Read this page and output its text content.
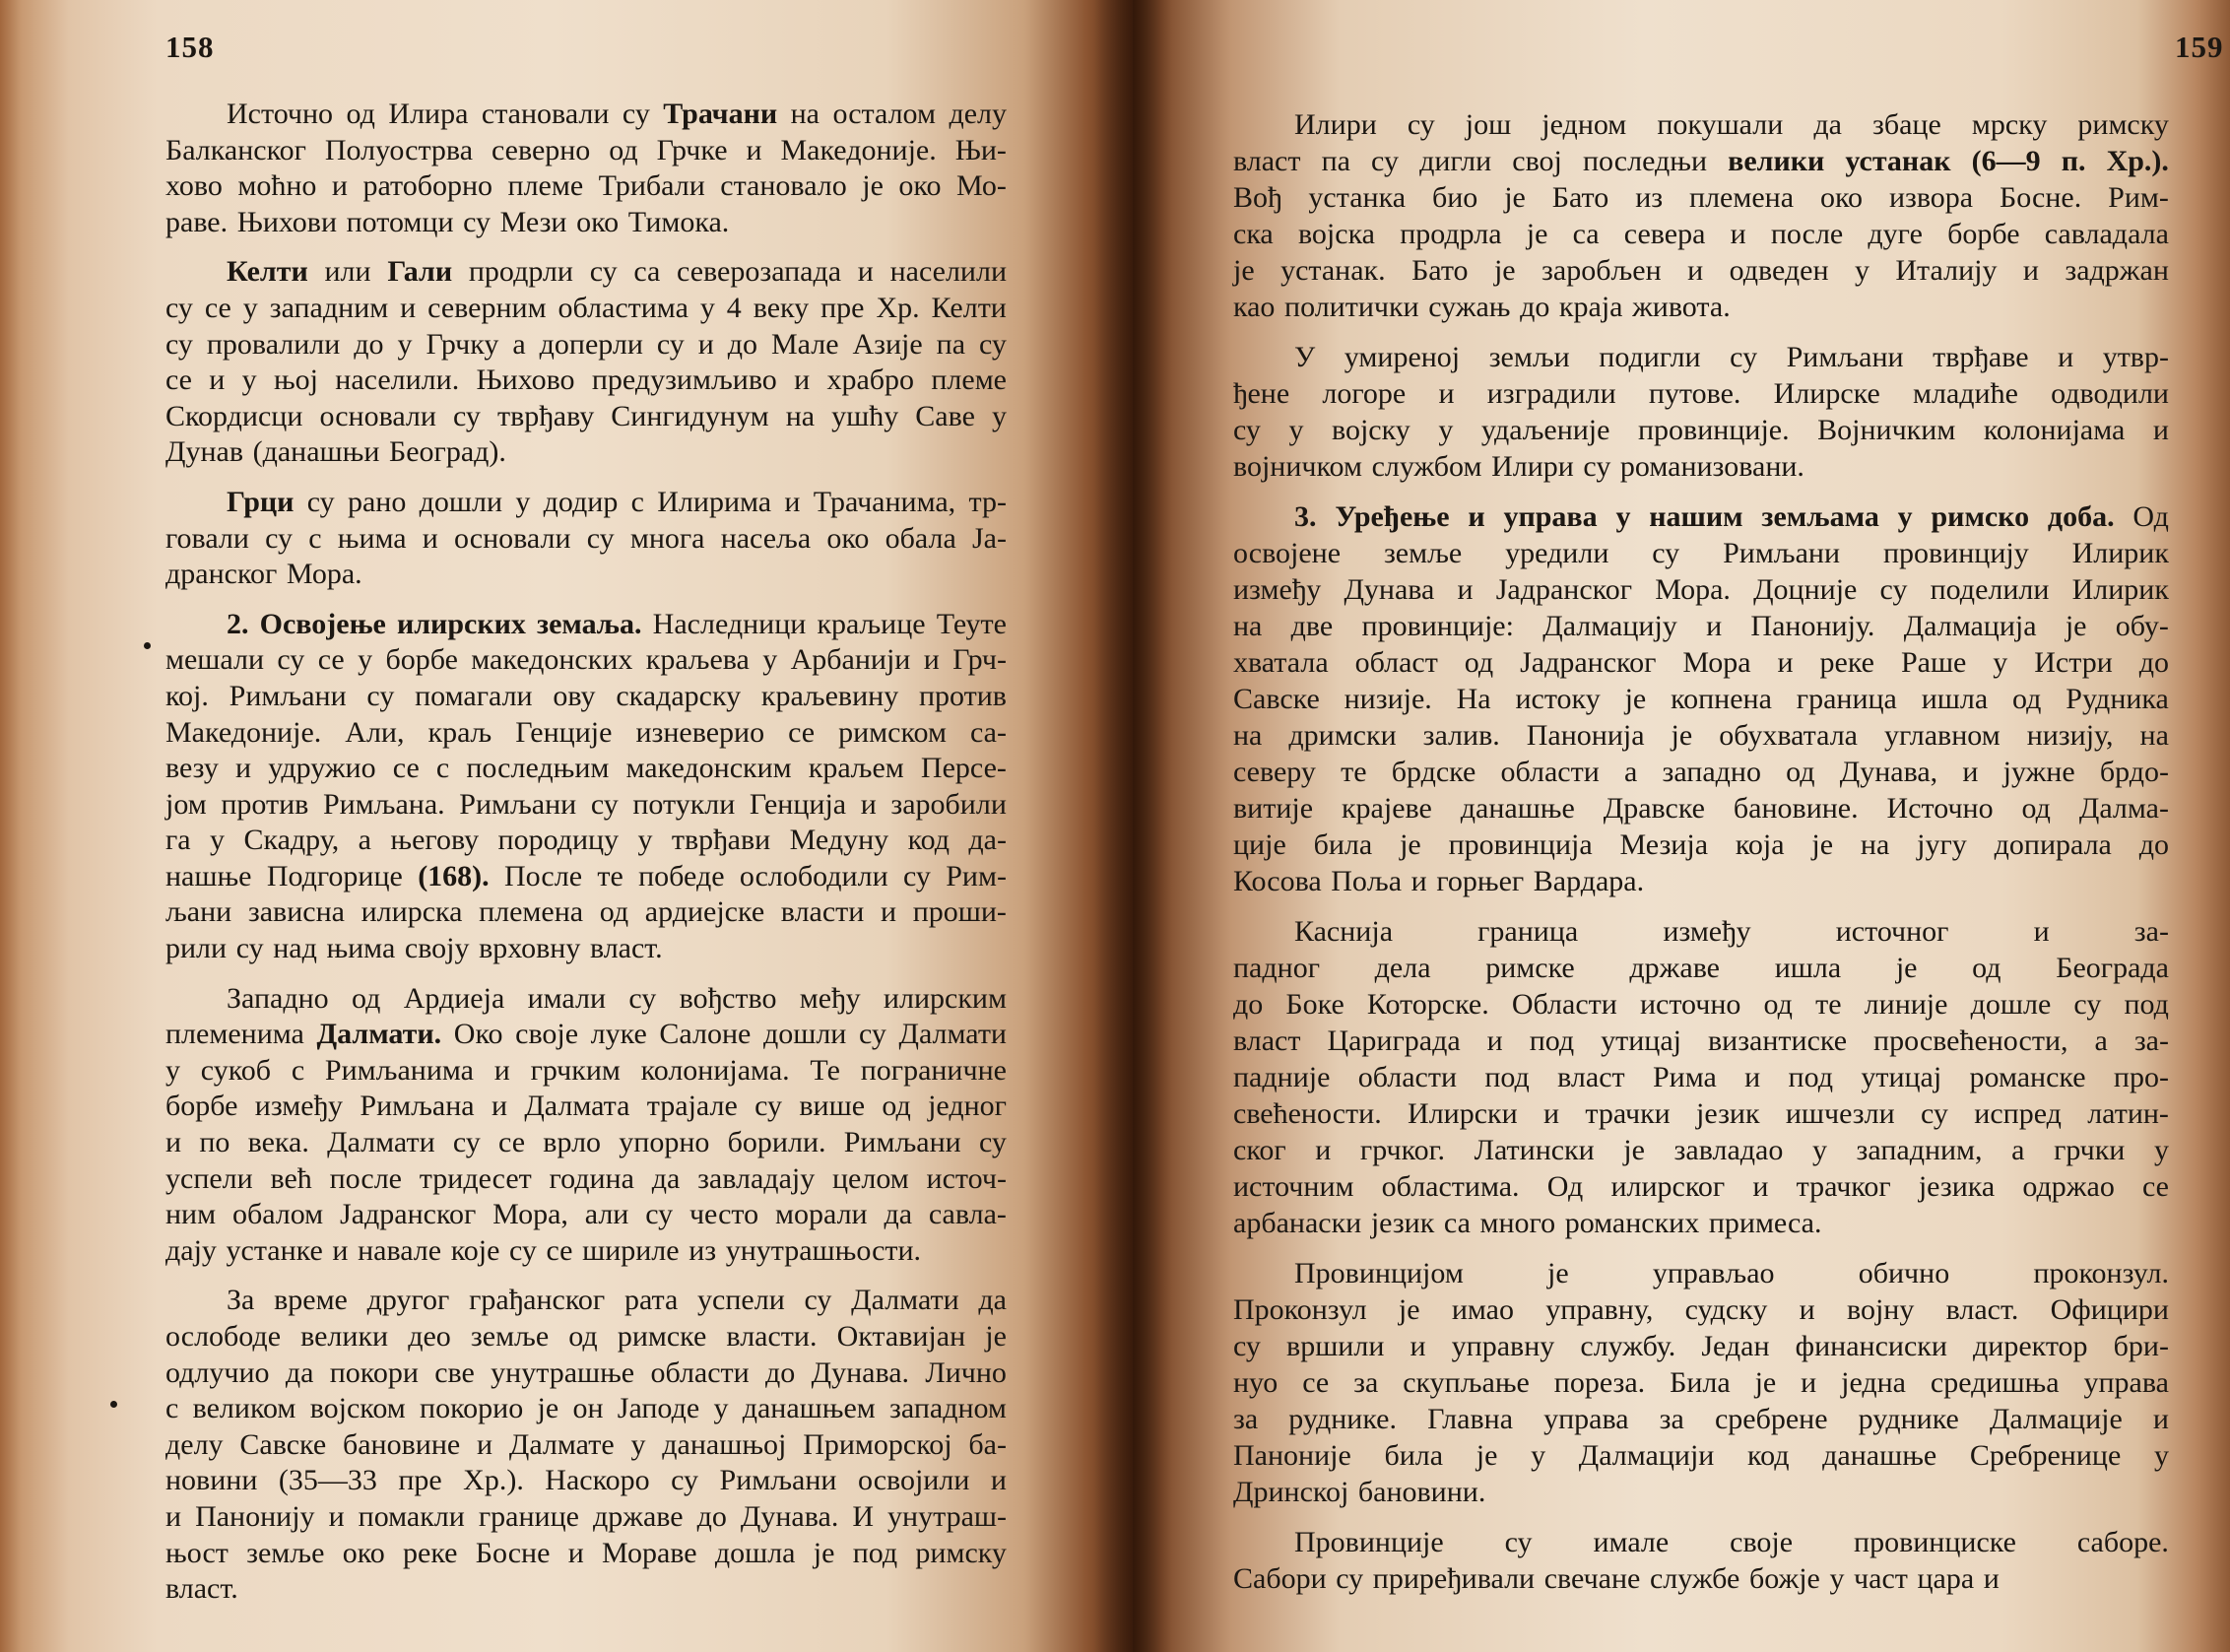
158
Источно од Илира становали су Трачани на осталом делу
Балканског Полуострва северно од Грчке и Македоније. Њи-
хово моћно и ратоборно племе Трибали становало је око Мо-
раве. Њихови потомци су Мези око Тимока.
Келти или Гали продрли су са северозапада и населили
су се у западним и северним областима у 4 веку пре Хр. Келти
су провалили до у Грчку а доперли су и до Мале Азије па су
се и у њој населили. Њихово предузимљиво и храбро племе
Скордисци основали су тврђаву Сингидунум на ушћу Саве у
Дунав (данашњи Београд).
Грци су рано дошли у додир с Илирима и Трачанима, тр-
говали су с њима и основали су многа насеља око обала Ја-
дранског Мора.
2. Освојење илирских земаља. Наследници краљице Теуте
мешали су се у борбе македонских краљева у Арбанији и Грч-
кој. Римљани су помагали ову скадарску краљевину против
Македоније. Али, краљ Генције изневерио се римском са-
везу и удружио се с последњим македонским краљем Персе-
јом против Римљана. Римљани су потукли Генција и заробили
га у Скадру, а његову породицу у тврђави Медуну код да-
нашње Подгорице (168). После те победе ослободили су Рим-
љани зависна илирска племена од ардиејске власти и проши-
рили су над њима своју врховну власт.
Западно од Ардиеја имали су вођство међу илирским
племенима Далмати. Око своје луке Салоне дошли су Далмати
у сукоб с Римљанима и грчким колонијама. Те пограничне
борбе између Римљана и Далмата трајале су више од једног
и по века. Далмати су се врло упорно борили. Римљани су
успели већ после тридесет година да завладају целом источ-
ним обалом Јадранског Мора, али су често морали да савла-
дају устанке и навале које су се шириле из унутрашњости.
За време другог грађанског рата успели су Далмати да
ослободе велики део земље од римске власти. Октавијан је
одлучио да покори све унутрашње области до Дунава. Лично
с великом војском покорио је он Јаподе у данашњем западном
делу Савске бановине и Далмате у данашњој Приморској ба-
новини (35—33 пре Хр.). Наскоро су Римљани освојили и
и Панонију и помакли границе државе до Дунава. И унутраш-
њост земље око реке Босне и Мораве дошла је под римску
власт.
159
Илири су још једном покушали да збаце мрску римску
власт па су дигли свој последњи велики устанак (6—9 п. Хр.).
Вођ устанка био је Бато из племена око извора Босне. Рим-
ска војска продрла је са севера и после дуге борбе савладала
је устанак. Бато је заробљен и одведен у Италију и задржан
као политички сужањ до краја живота.
У умиреној земљи подигли су Римљани тврђаве и утвр-
ђене логоре и изградили путове. Илирске младиће одводили
су у војску у удаљеније провинције. Војничким колонијама и
војничком службом Илири су романизовани.
3. Уређење и управа у нашим земљама у римско доба. Од
освојене земље уредили су Римљани провинцију Илирик
између Дунава и Јадранског Мора. Доцније су поделили Илирик
на две провинције: Далмацију и Панонију. Далмација је обу-
хватала област од Јадранског Мора и реке Раше у Истри до
Савске низије. На истоку је копнена граница ишла од Рудника
на дримски залив. Панонија је обухватала углавном низију, на
северу те брдске области а западно од Дунава, и јужне брдо-
витије крајеве данашње Дравске бановине. Источно од Далма-
ције била је провинција Мезија која је на југу допирала до
Косова Поља и горњег Вардара.
Каснија	граница	између	источног	и	за-
падног дела римске државе ишла је од Београда
до Боке Которске. Области источно од те линије дошле су под
власт Цариграда и под утицај византиске просвећености, а за-
падније области под власт Рима и под утицај романске про-
свећености. Илирски и трачки језик ишчезли су испред латин-
ског и грчког. Латински је завладао у западним, а грчки у
источним областима. Од илирског и трачког језика одржао се
арбанаски језик са много романских примеса.
Провинцијом	је	управљао	обично	проконзул.
Проконзул је имао управну, судску и војну власт. Официри
су вршили и управну службу. Један финансиски директор бри-
нуо се за скупљање пореза. Била је и једна средишња управа
за руднике. Главна управа за сребрене руднике Далмације и
Паноније била је у Далмацији код данашње Сребренице у
Дринској бановини.
Провинције су имале своје провинциске саборе.
Сабори су приређивали свечане службе божје у част цара и
